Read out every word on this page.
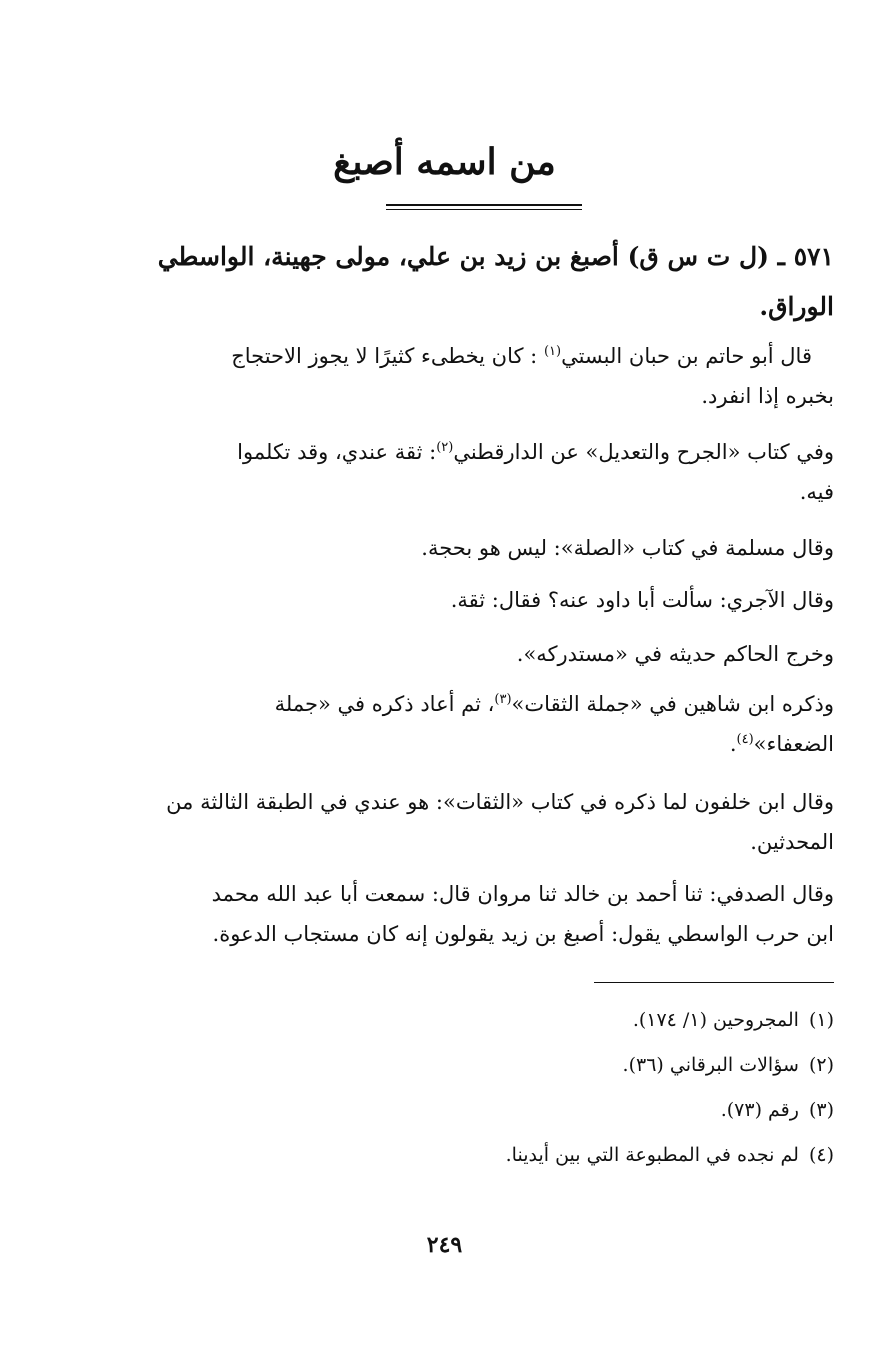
من اسمه أصبغ
٥٧١ ـ (ل ت س ق) أصبغ بن زيد بن علي، مولى جهينة، الواسطي
الوراق.
قال أبو حاتم بن حبان البستي$^{(١)}$ : كان يخطىء كثيرًا لا يجوز الاحتجاج
بخبره إذا انفرد.
وفي كتاب «الجرح والتعديل» عن الدارقطني$^{(٢)}$: ثقة عندي، وقد تكلموا
فيه.
وقال مسلمة في كتاب «الصلة»: ليس هو بحجة.
وقال الآجري: سألت أبا داود عنه؟ فقال: ثقة.
وخرج الحاكم حديثه في «مستدركه».
وذكره ابن شاهين في «جملة الثقات»$^{(٣)}$، ثم أعاد ذكره في «جملة
الضعفاء»$^{(٤)}$.
وقال ابن خلفون لما ذكره في كتاب «الثقات»: هو عندي في الطبقة الثالثة من
المحدثين.
وقال الصدفي: ثنا أحمد بن خالد ثنا مروان قال: سمعت أبا عبد الله محمد
ابن حرب الواسطي يقول: أصبغ بن زيد يقولون إنه كان مستجاب الدعوة.
(١)المجروحين (١/ ١٧٤).
(٢)سؤالات البرقاني (٣٦).
(٣)رقم (٧٣).
(٤)لم نجده في المطبوعة التي بين أيدينا.
٢٤٩
